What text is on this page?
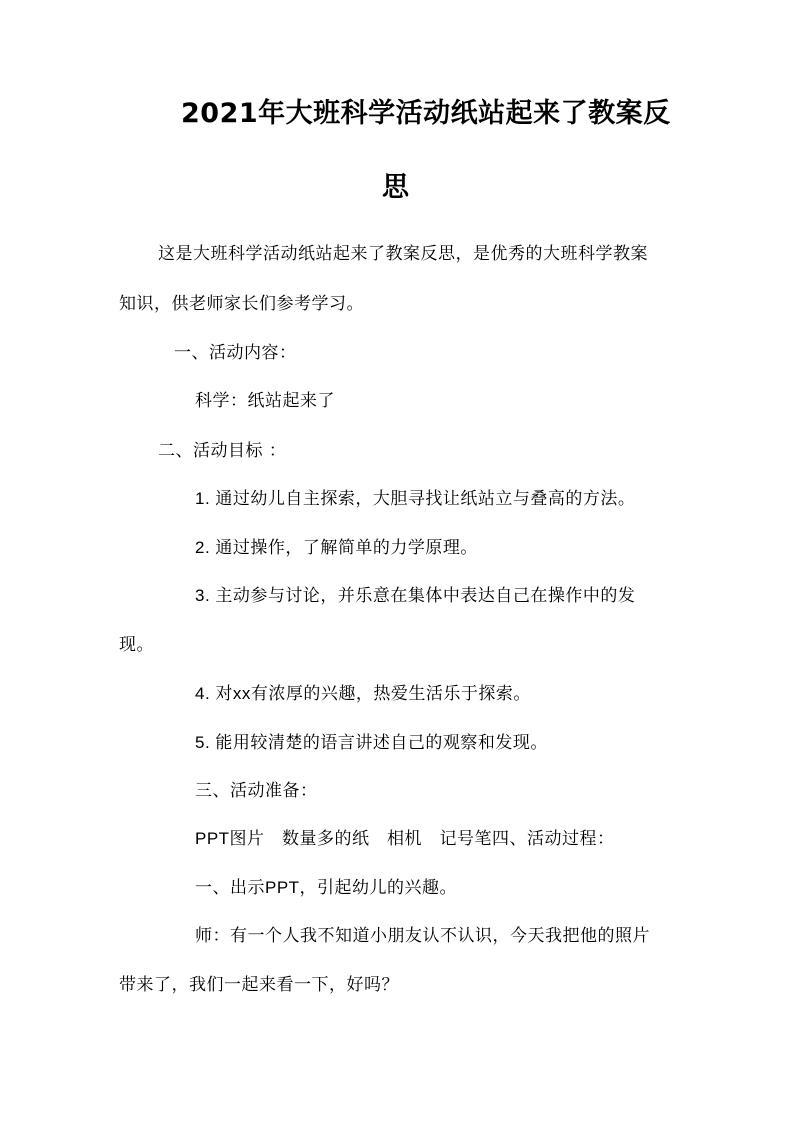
2021年大班科学活动纸站起来了教案反
思
这是大班科学活动纸站起来了教案反思，是优秀的大班科学教案
知识，供老师家长们参考学习。
一、活动内容：
科学：纸站起来了
二、活动目标 ：
1. 通过幼儿自主探索，大胆寻找让纸站立与叠高的方法。
2. 通过操作，了解简单的力学原理。
3. 主动参与讨论，并乐意在集体中表达自己在操作中的发
现。
4. 对xx有浓厚的兴趣，热爱生活乐于探索。
5. 能用较清楚的语言讲述自己的观察和发现。
三、活动准备：
PPT图片　数量多的纸　相机　记号笔四、活动过程：
一、出示PPT，引起幼儿的兴趣。
师：有一个人我不知道小朋友认不认识，今天我把他的照片
带来了，我们一起来看一下，好吗？
